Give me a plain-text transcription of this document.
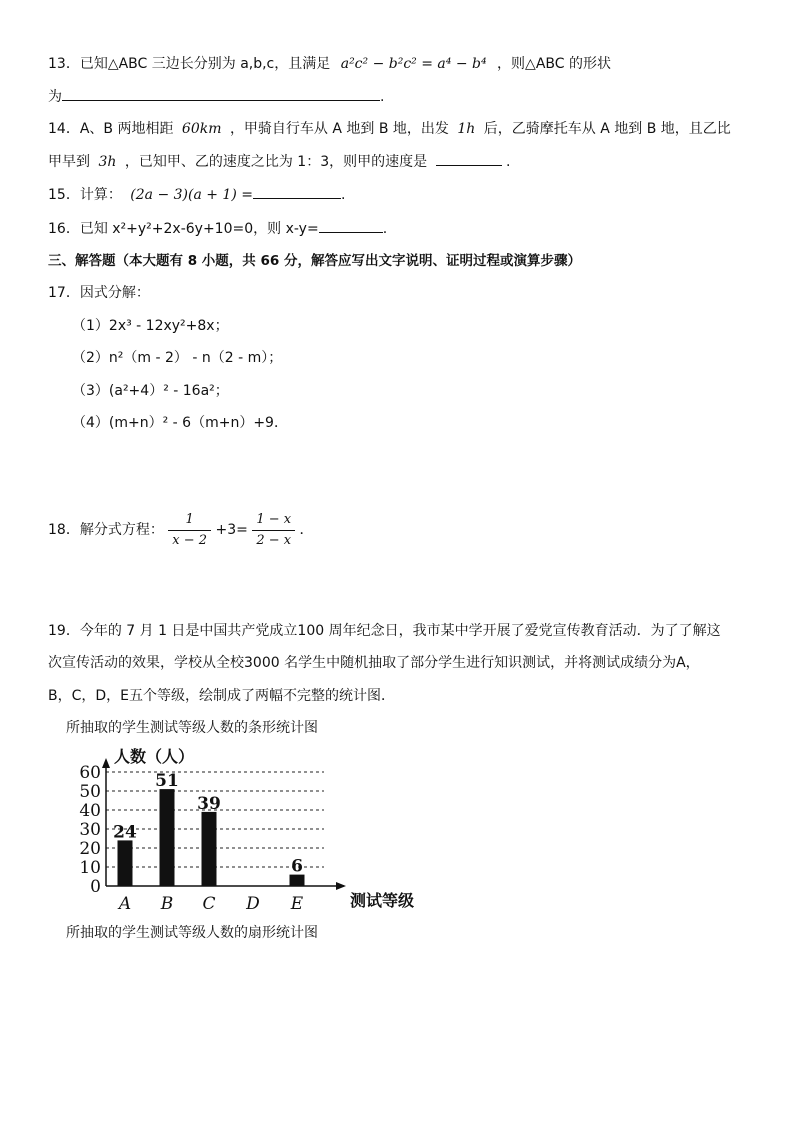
13．已知△ABC 三边长分别为 a,b,c，且满足 a²c² − b²c² = a⁴ − b⁴ ，则△ABC 的形状
为	.
14．A、B 两地相距 60km ，甲骑自行车从 A 地到 B 地，出发 1h 后，乙骑摩托车从 A 地到 B 地，且乙比
甲早到 3h ，已知甲、乙的速度之比为 1：3，则甲的速度是	.
15．计算： (2a − 3)(a + 1) =	.
16．已知 x²+y²+2x-6y+10=0，则 x-y=	.
三、解答题（本大题有 8 小题，共 66 分，解答应写出文字说明、证明过程或演算步骤）
17．因式分解：
（1）2x³ - 12xy²+8x；
（2）n²（m - 2） - n（2 - m）；
（3）(a²+4）² - 16a²；
（4）(m+n）² - 6（m+n）+9．
18．解分式方程： $\frac{1}{x - 2} +3= \frac{1 - x}{2 - x}$ ．
19．今年的 7 月 1 日是中国共产党成立100 周年纪念日，我市某中学开展了爱党宣传教育活动．为了了解这
次宣传活动的效果，学校从全校3000 名学生中随机抽取了部分学生进行知识测试，并将测试成绩分为A，
B，C，D，E五个等级，绘制成了两幅不完整的统计图．
所抽取的学生测试等级人数的条形统计图
0
10
20
30
40
50
60
人数（人）
测试等级
24
A
51
B
39
C D
6
E
所抽取的学生测试等级人数的扇形统计图
